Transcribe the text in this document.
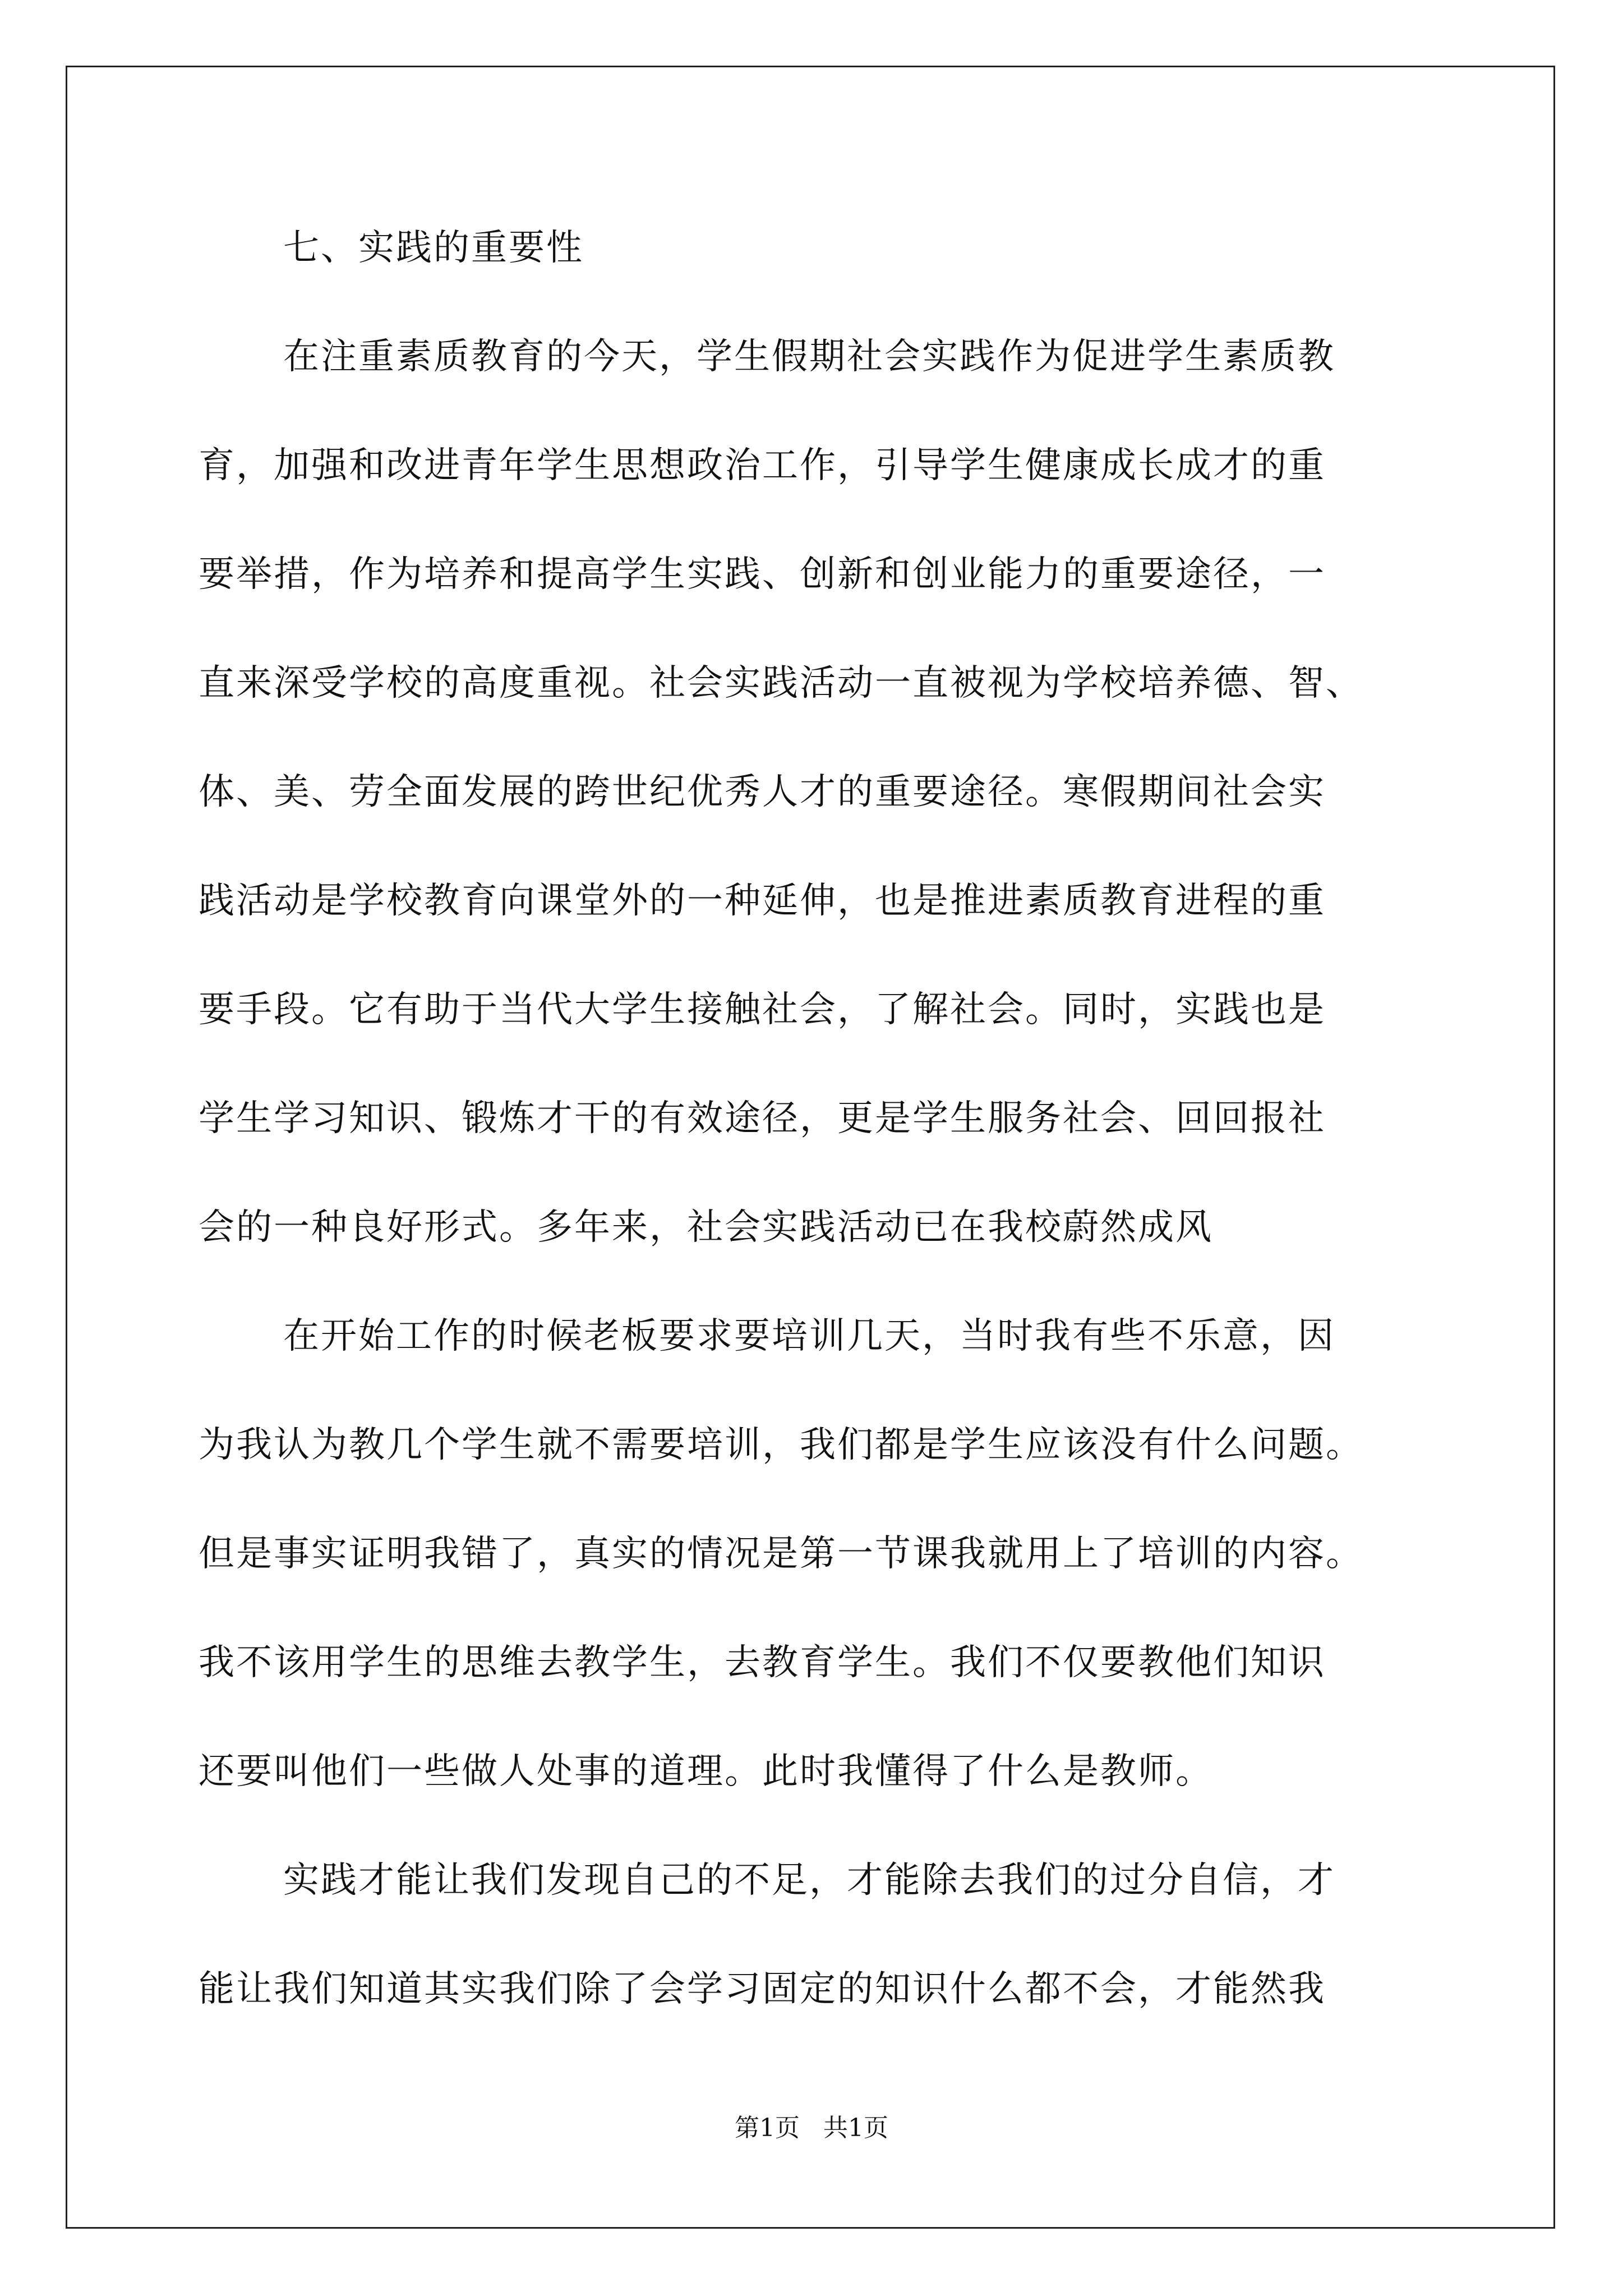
七、实践的重要性
在注重素质教育的今天，学生假期社会实践作为促进学生素质教
育，加强和改进青年学生思想政治工作，引导学生健康成长成才的重
要举措，作为培养和提高学生实践、创新和创业能力的重要途径，一
直来深受学校的高度重视。社会实践活动一直被视为学校培养德、智、
体、美、劳全面发展的跨世纪优秀人才的重要途径。寒假期间社会实
践活动是学校教育向课堂外的一种延伸，也是推进素质教育进程的重
要手段。它有助于当代大学生接触社会，了解社会。同时，实践也是
学生学习知识、锻炼才干的有效途径，更是学生服务社会、回回报社
会的一种良好形式。多年来，社会实践活动已在我校蔚然成风
在开始工作的时候老板要求要培训几天，当时我有些不乐意，因
为我认为教几个学生就不需要培训，我们都是学生应该没有什么问题。
但是事实证明我错了，真实的情况是第一节课我就用上了培训的内容。
我不该用学生的思维去教学生，去教育学生。我们不仅要教他们知识
还要叫他们一些做人处事的道理。此时我懂得了什么是教师。
实践才能让我们发现自己的不足，才能除去我们的过分自信，才
能让我们知道其实我们除了会学习固定的知识什么都不会，才能然我
第1页   共1页
